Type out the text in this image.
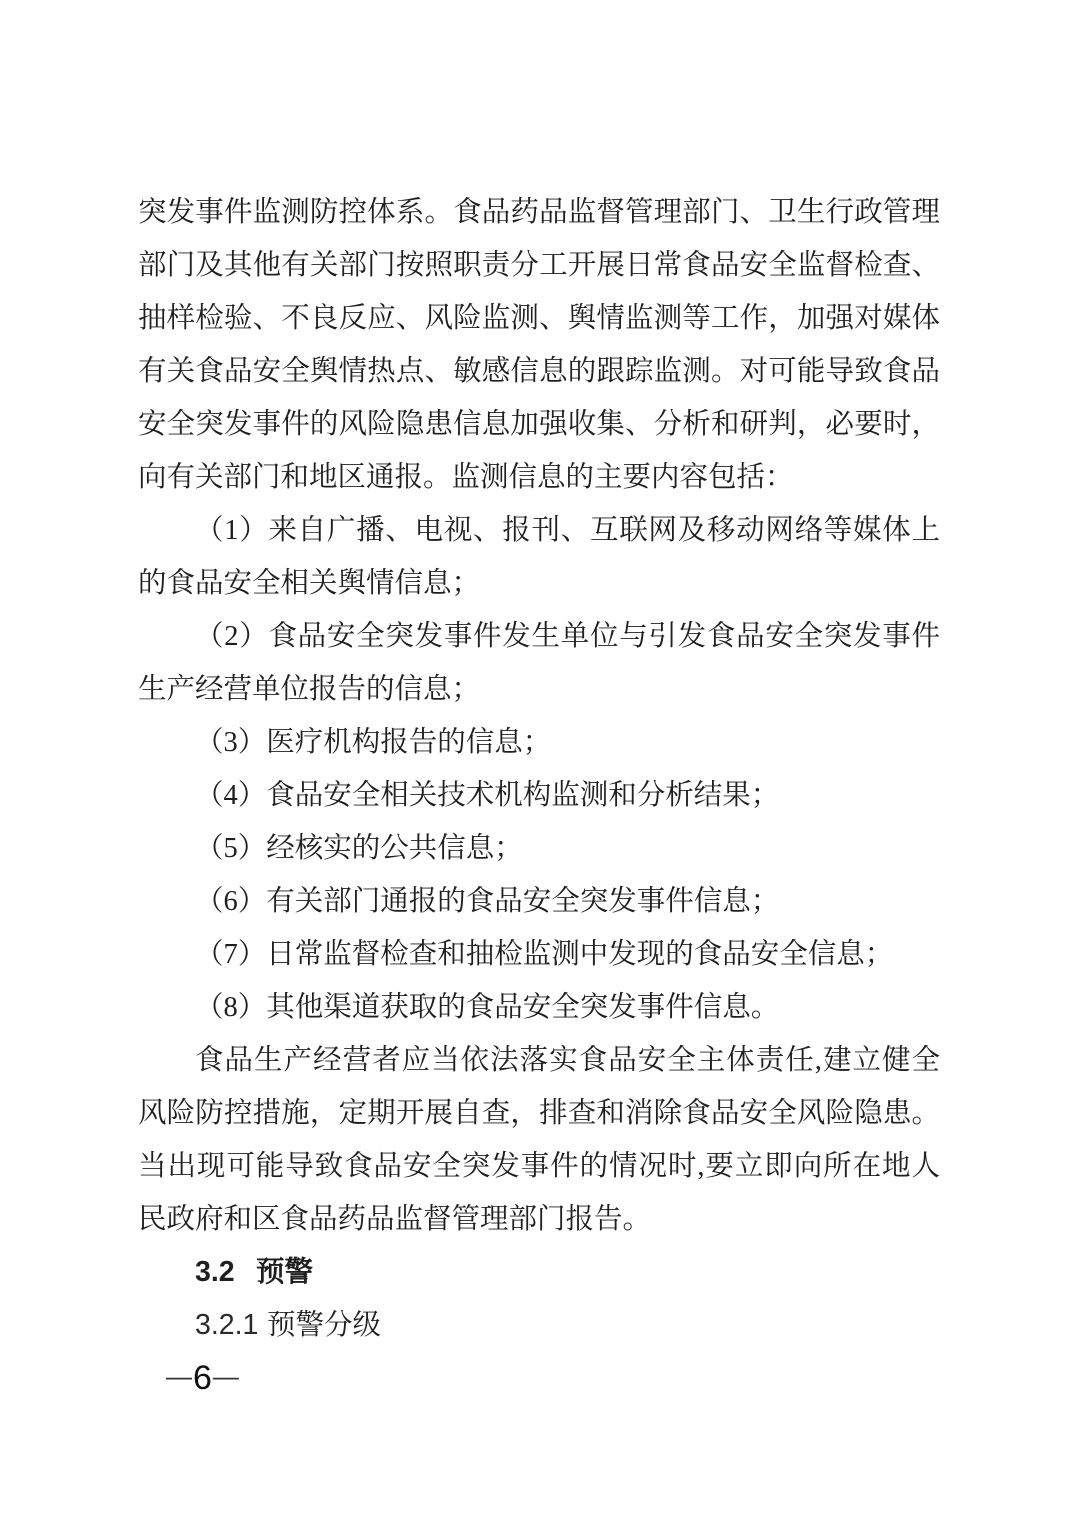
突发事件监测防控体系。食品药品监督管理部门、卫生行政管理部门及其他有关部门按照职责分工开展日常食品安全监督检查、抽样检验、不良反应、风险监测、舆情监测等工作，加强对媒体有关食品安全舆情热点、敏感信息的跟踪监测。对可能导致食品安全突发事件的风险隐患信息加强收集、分析和研判，必要时，向有关部门和地区通报。监测信息的主要内容包括：

（1）来自广播、电视、报刊、互联网及移动网络等媒体上的食品安全相关舆情信息；

（2）食品安全突发事件发生单位与引发食品安全突发事件生产经营单位报告的信息；

（3）医疗机构报告的信息；

（4）食品安全相关技术机构监测和分析结果；

（5）经核实的公共信息；

（6）有关部门通报的食品安全突发事件信息；

（7）日常监督检查和抽检监测中发现的食品安全信息；

（8）其他渠道获取的食品安全突发事件信息。

食品生产经营者应当依法落实食品安全主体责任,建立健全风险防控措施，定期开展自查，排查和消除食品安全风险隐患。当出现可能导致食品安全突发事件的情况时,要立即向所在地人民政府和区食品药品监督管理部门报告。

3.2 预警

3.2.1 预警分级

—6—
